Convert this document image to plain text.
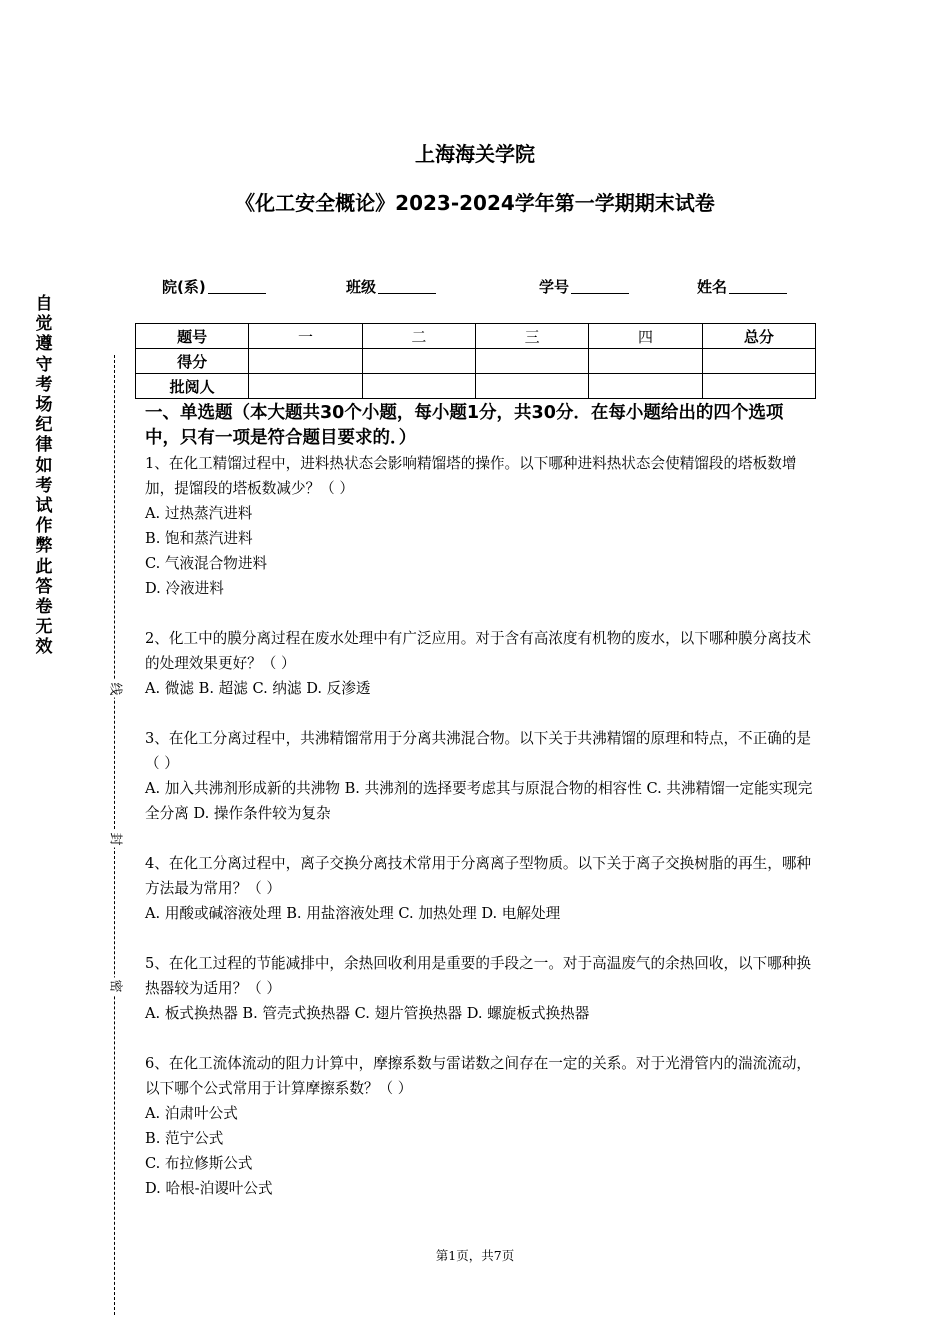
上海海关学院
《化工安全概论》2023-2024学年第一学期期末试卷
院(系)	班级	学号	姓名
题号	一	二	三	四	总分
得分					
批阅人					
自觉遵守考场纪律如考试作弊此答卷无效
线
封
密

一、单选题（本大题共30个小题，每小题1分，共30分．在每小题给出的四个选项中，只有一项是符合题目要求的．）

1、在化工精馏过程中，进料热状态会影响精馏塔的操作。以下哪种进料热状态会使精馏段的塔板数增加，提馏段的塔板数减少？（ ）

A. 过热蒸汽进料

B. 饱和蒸汽进料

C. 气液混合物进料

D. 冷液进料

2、化工中的膜分离过程在废水处理中有广泛应用。对于含有高浓度有机物的废水，以下哪种膜分离技术的处理效果更好？（ ）

A. 微滤 B. 超滤 C. 纳滤 D. 反渗透

3、在化工分离过程中，共沸精馏常用于分离共沸混合物。以下关于共沸精馏的原理和特点，不正确的是（ ）

A. 加入共沸剂形成新的共沸物 B. 共沸剂的选择要考虑其与原混合物的相容性 C. 共沸精馏一定能实现完全分离 D. 操作条件较为复杂

4、在化工分离过程中，离子交换分离技术常用于分离离子型物质。以下关于离子交换树脂的再生，哪种方法最为常用？（ ）

A. 用酸或碱溶液处理 B. 用盐溶液处理 C. 加热处理 D. 电解处理

5、在化工过程的节能减排中，余热回收利用是重要的手段之一。对于高温废气的余热回收，以下哪种换热器较为适用？（ ）

A. 板式换热器 B. 管壳式换热器 C. 翅片管换热器 D. 螺旋板式换热器

6、在化工流体流动的阻力计算中，摩擦系数与雷诺数之间存在一定的关系。对于光滑管内的湍流流动，以下哪个公式常用于计算摩擦系数？（ ）

A. 泊肃叶公式

B. 范宁公式

C. 布拉修斯公式

D. 哈根-泊谡叶公式

第1页，共7页
